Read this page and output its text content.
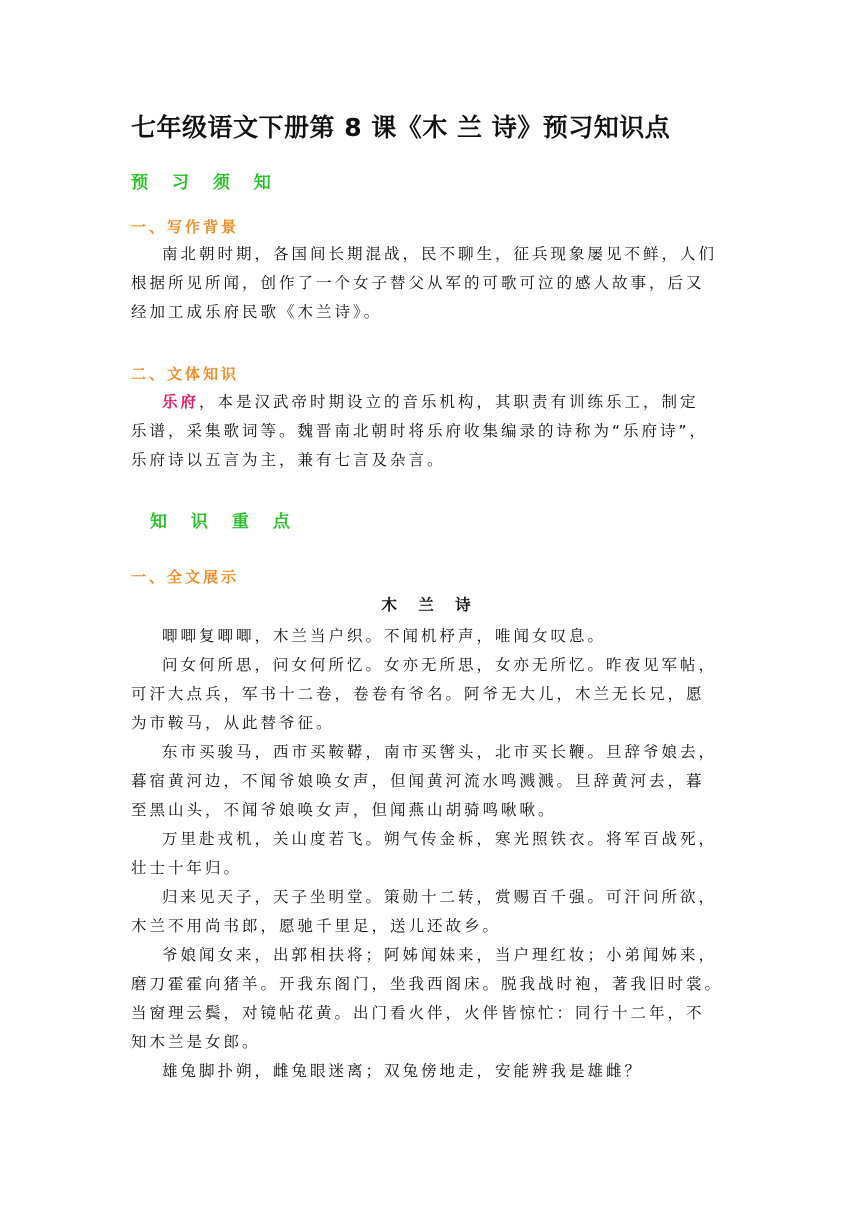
七年级语文下册第 8 课《木 兰 诗》预习知识点
预 习 须 知
一、写作背景
南北朝时期，各国间长期混战，民不聊生，征兵现象屡见不鲜，人们
根据所见所闻，创作了一个女子替父从军的可歌可泣的感人故事，后又
经加工成乐府民歌《木兰诗》。
二、文体知识
乐府，本是汉武帝时期设立的音乐机构，其职责有训练乐工，制定
乐谱，采集歌词等。魏晋南北朝时将乐府收集编录的诗称为“乐府诗”，
乐府诗以五言为主，兼有七言及杂言。
知 识 重 点
一、全文展示
木 兰 诗
唧唧复唧唧，木兰当户织。不闻机杼声，唯闻女叹息。
问女何所思，问女何所忆。女亦无所思，女亦无所忆。昨夜见军帖，
可汗大点兵，军书十二卷，卷卷有爷名。阿爷无大儿，木兰无长兄，愿
为市鞍马，从此替爷征。
东市买骏马，西市买鞍鞯，南市买辔头，北市买长鞭。旦辞爷娘去，
暮宿黄河边，不闻爷娘唤女声，但闻黄河流水鸣溅溅。旦辞黄河去，暮
至黑山头，不闻爷娘唤女声，但闻燕山胡骑鸣啾啾。
万里赴戎机，关山度若飞。朔气传金柝，寒光照铁衣。将军百战死，
壮士十年归。
归来见天子，天子坐明堂。策勋十二转，赏赐百千强。可汗问所欲，
木兰不用尚书郎，愿驰千里足，送儿还故乡。
爷娘闻女来，出郭相扶将；阿姊闻妹来，当户理红妆；小弟闻姊来，
磨刀霍霍向猪羊。开我东阁门，坐我西阁床。脱我战时袍，著我旧时裳。
当窗理云鬓，对镜帖花黄。出门看火伴，火伴皆惊忙：同行十二年，不
知木兰是女郎。
雄兔脚扑朔，雌兔眼迷离；双兔傍地走，安能辨我是雄雌？
